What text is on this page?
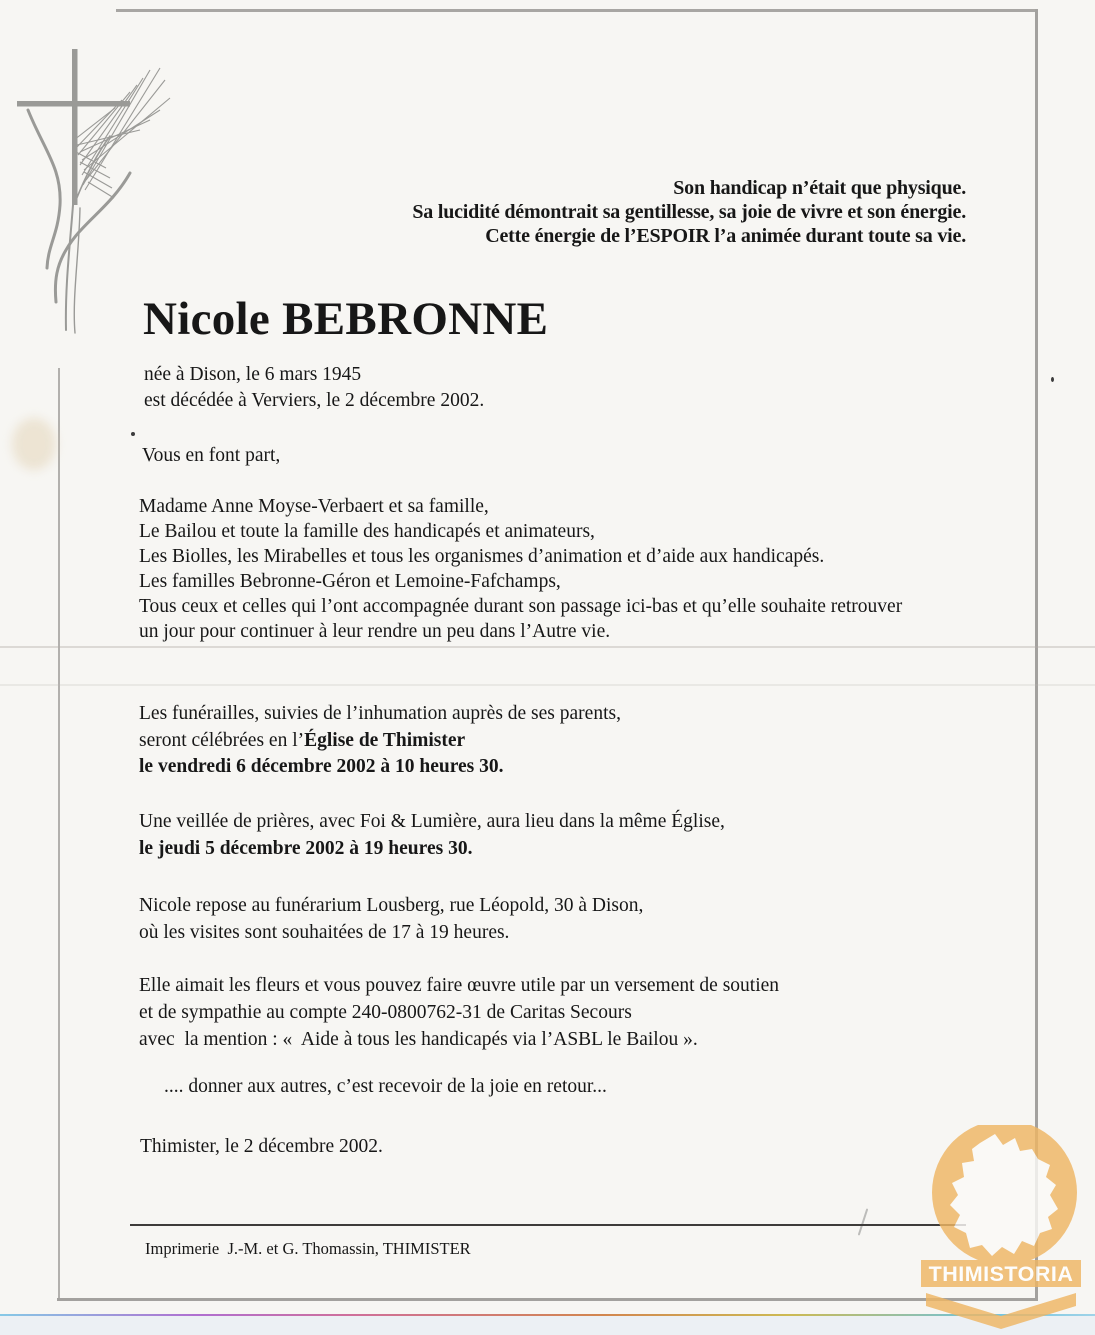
Son handicap n’était que physique.
Sa lucidité démontrait sa gentillesse, sa joie de vivre et son énergie.
Cette énergie de l’ESPOIR l’a animée durant toute sa vie.
Nicole BEBRONNE
née à Dison, le 6 mars 1945
est décédée à Verviers, le 2 décembre 2002.
Vous en font part,
Madame Anne Moyse-Verbaert et sa famille,
Le Bailou et toute la famille des handicapés et animateurs,
Les Biolles, les Mirabelles et tous les organismes d’animation et d’aide aux handicapés.
Les familles Bebronne-Géron et Lemoine-Fafchamps,
Tous ceux et celles qui l’ont accompagnée durant son passage ici-bas et qu’elle souhaite retrouver
un jour pour continuer à leur rendre un peu dans l’Autre vie.
Les funérailles, suivies de l’inhumation auprès de ses parents,
seront célébrées en l’Église de Thimister
le vendredi 6 décembre 2002 à 10 heures 30.
Une veillée de prières, avec Foi & Lumière, aura lieu dans la même Église,
le jeudi 5 décembre 2002 à 19 heures 30.
Nicole repose au funérarium Lousberg, rue Léopold, 30 à Dison,
où les visites sont souhaitées de 17 à 19 heures.
Elle aimait les fleurs et vous pouvez faire œuvre utile par un versement de soutien
et de sympathie au compte 240-0800762-31 de Caritas Secours
avec  la mention : «  Aide à tous les handicapés via l’ASBL le Bailou ».
.... donner aux autres, c’est recevoir de la joie en retour...
Thimister, le 2 décembre 2002.
Imprimerie  J.-M. et G. Thomassin, THIMISTER
THIMISTORIA
